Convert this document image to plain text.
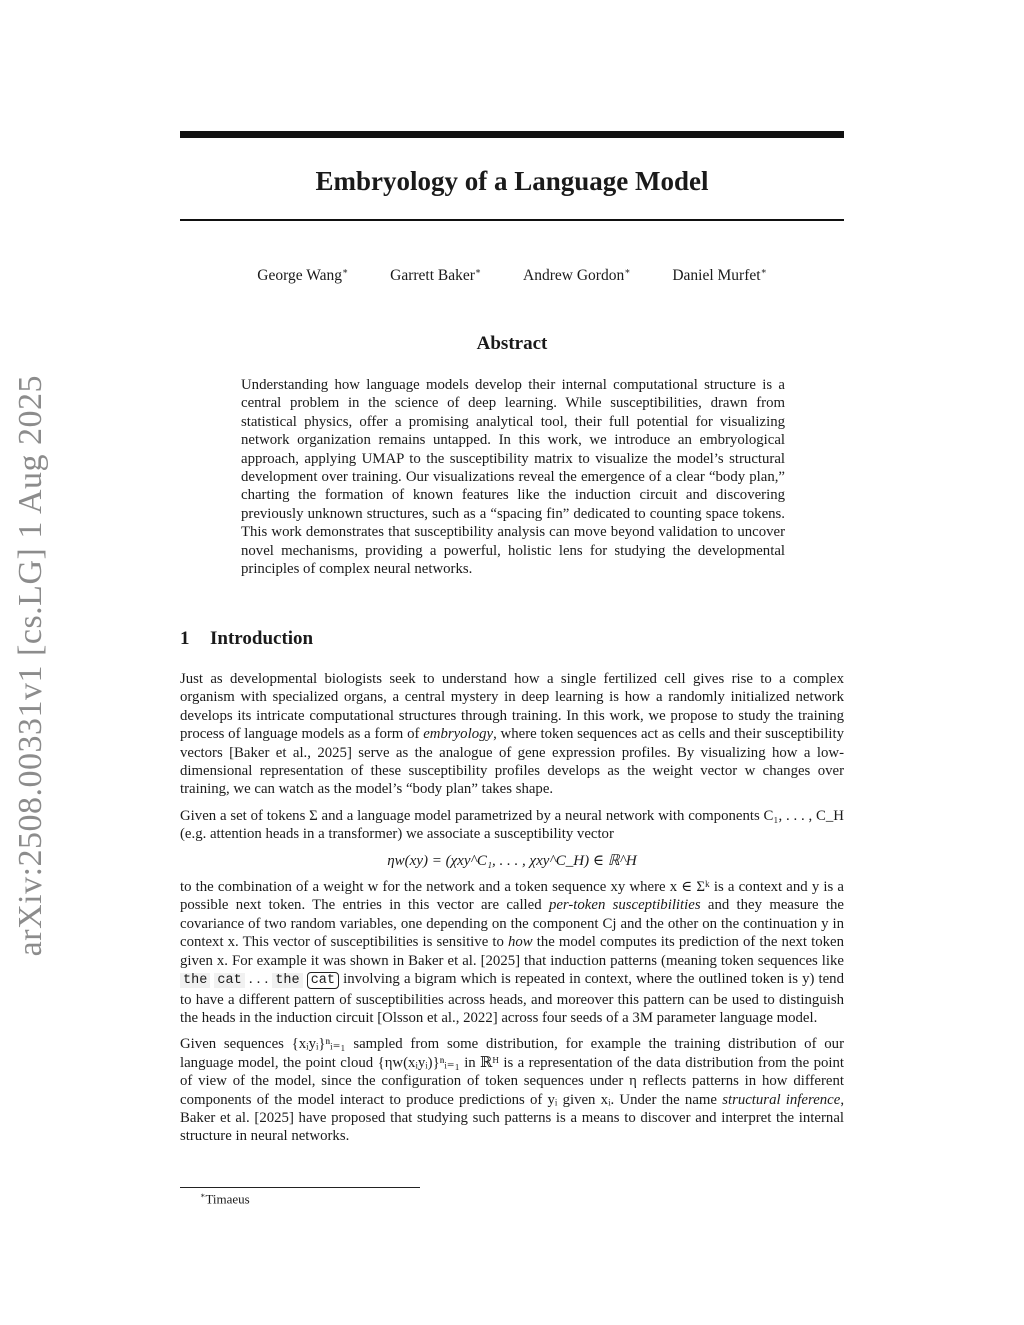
arXiv:2508.00331v1 [cs.LG] 1 Aug 2025
Embryology of a Language Model
George Wang∗	Garrett Baker∗	Andrew Gordon∗	Daniel Murfet∗
Abstract

Understanding how language models develop their internal computational structure is a central problem in the science of deep learning. While susceptibilities, drawn from statistical physics, offer a promising analytical tool, their full potential for visualizing network organization remains untapped. In this work, we introduce an embryological approach, applying UMAP to the susceptibility matrix to visualize the model’s structural development over training. Our visualizations reveal the emergence of a clear “body plan,” charting the formation of known features like the induction circuit and discovering previously unknown structures, such as a “spacing fin” dedicated to counting space tokens. This work demonstrates that susceptibility analysis can move beyond validation to uncover novel mechanisms, providing a powerful, holistic lens for studying the developmental principles of complex neural networks.

1 Introduction

Just as developmental biologists seek to understand how a single fertilized cell gives rise to a complex organism with specialized organs, a central mystery in deep learning is how a randomly initialized network develops its intricate computational structures through training. In this work, we propose to study the training process of language models as a form of embryology, where token sequences act as cells and their susceptibility vectors [Baker et al., 2025] serve as the analogue of gene expression profiles. By visualizing how a low-dimensional representation of these susceptibility profiles develops as the weight vector w changes over training, we can watch as the model’s “body plan” takes shape.

Given a set of tokens Σ and a language model parametrized by a neural network with components C₁, . . . , C_H (e.g. attention heads in a transformer) we associate a susceptibility vector

ηw(xy) = (χxy^C₁, . . . , χxy^C_H) ∈ ℝ^H

to the combination of a weight w for the network and a token sequence xy where x ∈ Σᵏ is a context and y is a possible next token. The entries in this vector are called per-token susceptibilities and they measure the covariance of two random variables, one depending on the component Cj and the other on the continuation y in context x. This vector of susceptibilities is sensitive to how the model computes its prediction of the next token given x. For example it was shown in Baker et al. [2025] that induction patterns (meaning token sequences like the cat . . . the cat involving a bigram which is repeated in context, where the outlined token is y) tend to have a different pattern of susceptibilities across heads, and moreover this pattern can be used to distinguish the heads in the induction circuit [Olsson et al., 2022] across four seeds of a 3M parameter language model.

Given sequences {xᵢyᵢ}ⁿᵢ₌₁ sampled from some distribution, for example the training distribution of our language model, the point cloud {ηw(xᵢyᵢ)}ⁿᵢ₌₁ in ℝᴴ is a representation of the data distribution from the point of view of the model, since the configuration of token sequences under η reflects patterns in how different components of the model interact to produce predictions of yᵢ given xᵢ. Under the name structural inference, Baker et al. [2025] have proposed that studying such patterns is a means to discover and interpret the internal structure in neural networks.

∗Timaeus
